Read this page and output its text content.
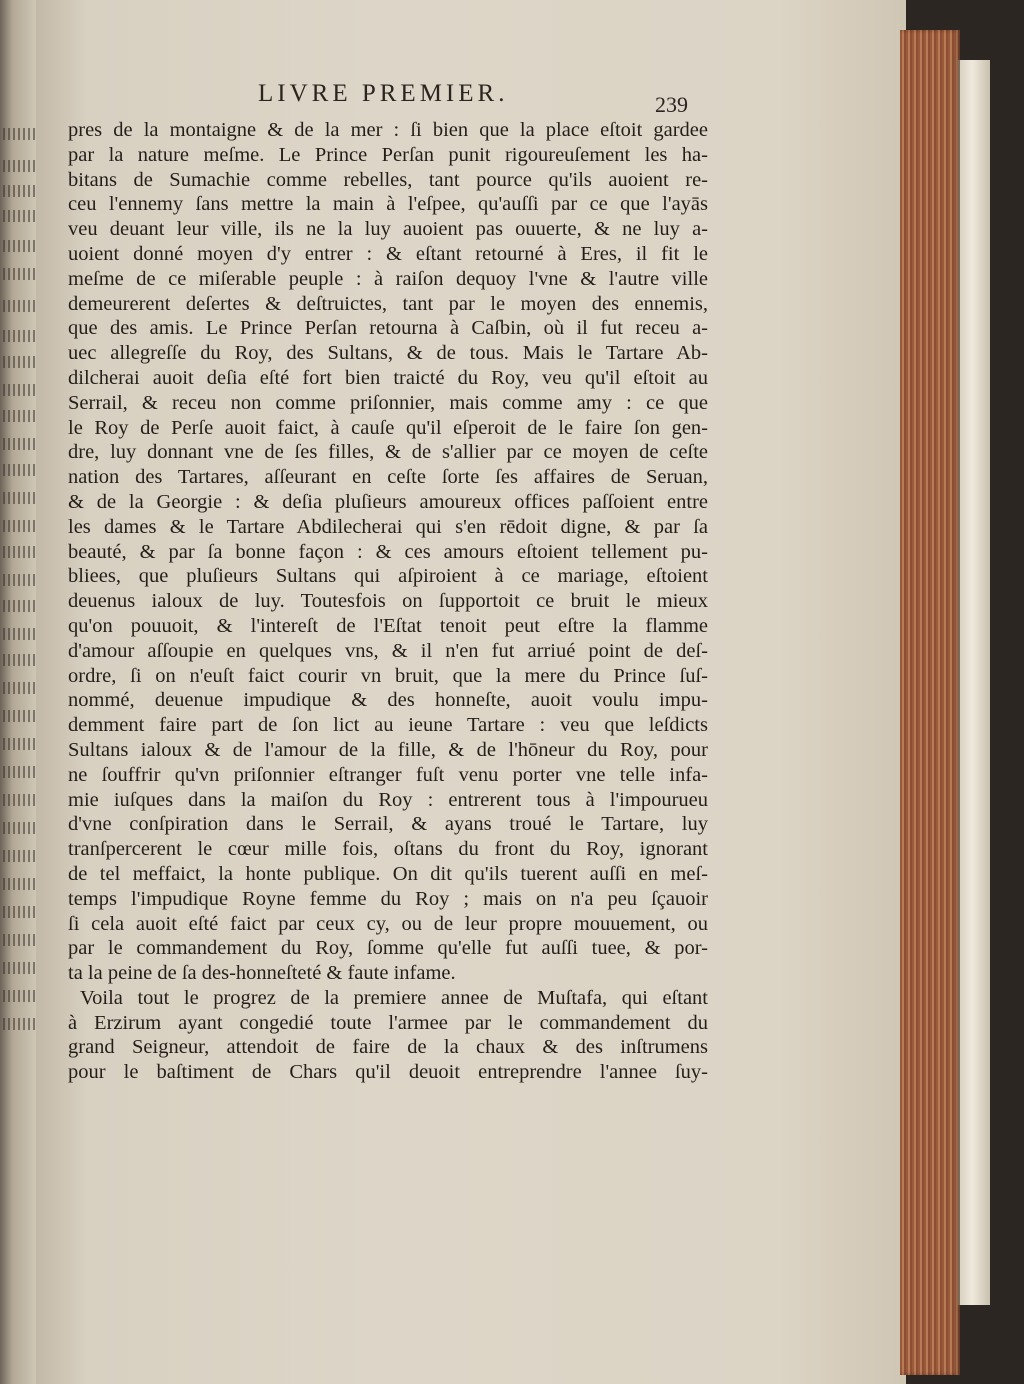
LIVRE PREMIER.	239
pres de la montaigne & de la mer : ſi bien que la place eſtoit gardee
par la nature meſme. Le Prince Perſan punit rigoureuſement les ha-
bitans de Sumachie comme rebelles, tant pource qu'ils auoient re-
ceu l'ennemy ſans mettre la main à l'eſpee, qu'auſſi par ce que l'ayās
veu deuant leur ville, ils ne la luy auoient pas ouuerte, & ne luy a-
uoient donné moyen d'y entrer : & eſtant retourné à Eres, il fit le
meſme de ce miſerable peuple : à raiſon dequoy l'vne & l'autre ville
demeurerent deſertes & deſtruictes, tant par le moyen des ennemis,
que des amis. Le Prince Perſan retourna à Caſbin, où il fut receu a-
uec allegreſſe du Roy, des Sultans, & de tous. Mais le Tartare Ab-
dilcherai auoit deſia eſté fort bien traicté du Roy, veu qu'il eſtoit au
Serrail, & receu non comme priſonnier, mais comme amy : ce que
le Roy de Perſe auoit faict, à cauſe qu'il eſperoit de le faire ſon gen-
dre, luy donnant vne de ſes filles, & de s'allier par ce moyen de ceſte
nation des Tartares, aſſeurant en ceſte ſorte ſes affaires de Seruan,
& de la Georgie : & deſia pluſieurs amoureux offices paſſoient entre
les dames & le Tartare Abdilecherai qui s'en rēdoit digne, & par ſa
beauté, & par ſa bonne façon : & ces amours eſtoient tellement pu-
bliees, que pluſieurs Sultans qui aſpiroient à ce mariage, eſtoient
deuenus ialoux de luy. Toutesfois on ſupportoit ce bruit le mieux
qu'on pouuoit, & l'intereſt de l'Eſtat tenoit peut eſtre la flamme
d'amour aſſoupie en quelques vns, & il n'en fut arriué point de deſ-
ordre, ſi on n'euſt faict courir vn bruit, que la mere du Prince ſuſ-
nommé, deuenue impudique & des honneſte, auoit voulu impu-
demment faire part de ſon lict au ieune Tartare : veu que leſdicts
Sultans ialoux & de l'amour de la fille, & de l'hōneur du Roy, pour
ne ſouffrir qu'vn priſonnier eſtranger fuſt venu porter vne telle infa-
mie iuſques dans la maiſon du Roy : entrerent tous à l'impourueu
d'vne conſpiration dans le Serrail, & ayans troué le Tartare, luy
tranſpercerent le cœur mille fois, oſtans du front du Roy, ignorant
de tel meffaict, la honte publique. On dit qu'ils tuerent auſſi en meſ-
temps l'impudique Royne femme du Roy ; mais on n'a peu ſçauoir
ſi cela auoit eſté faict par ceux cy, ou de leur propre mouuement, ou
par le commandement du Roy, ſomme qu'elle fut auſſi tuee, & por-
ta la peine de ſa des-honneſteté & faute infame.
Voila tout le progrez de la premiere annee de Muſtafa, qui eſtant
à Erzirum ayant congedié toute l'armee par le commandement du
grand Seigneur, attendoit de faire de la chaux & des inſtrumens
pour le baſtiment de Chars qu'il deuoit entreprendre l'annee ſuy-
